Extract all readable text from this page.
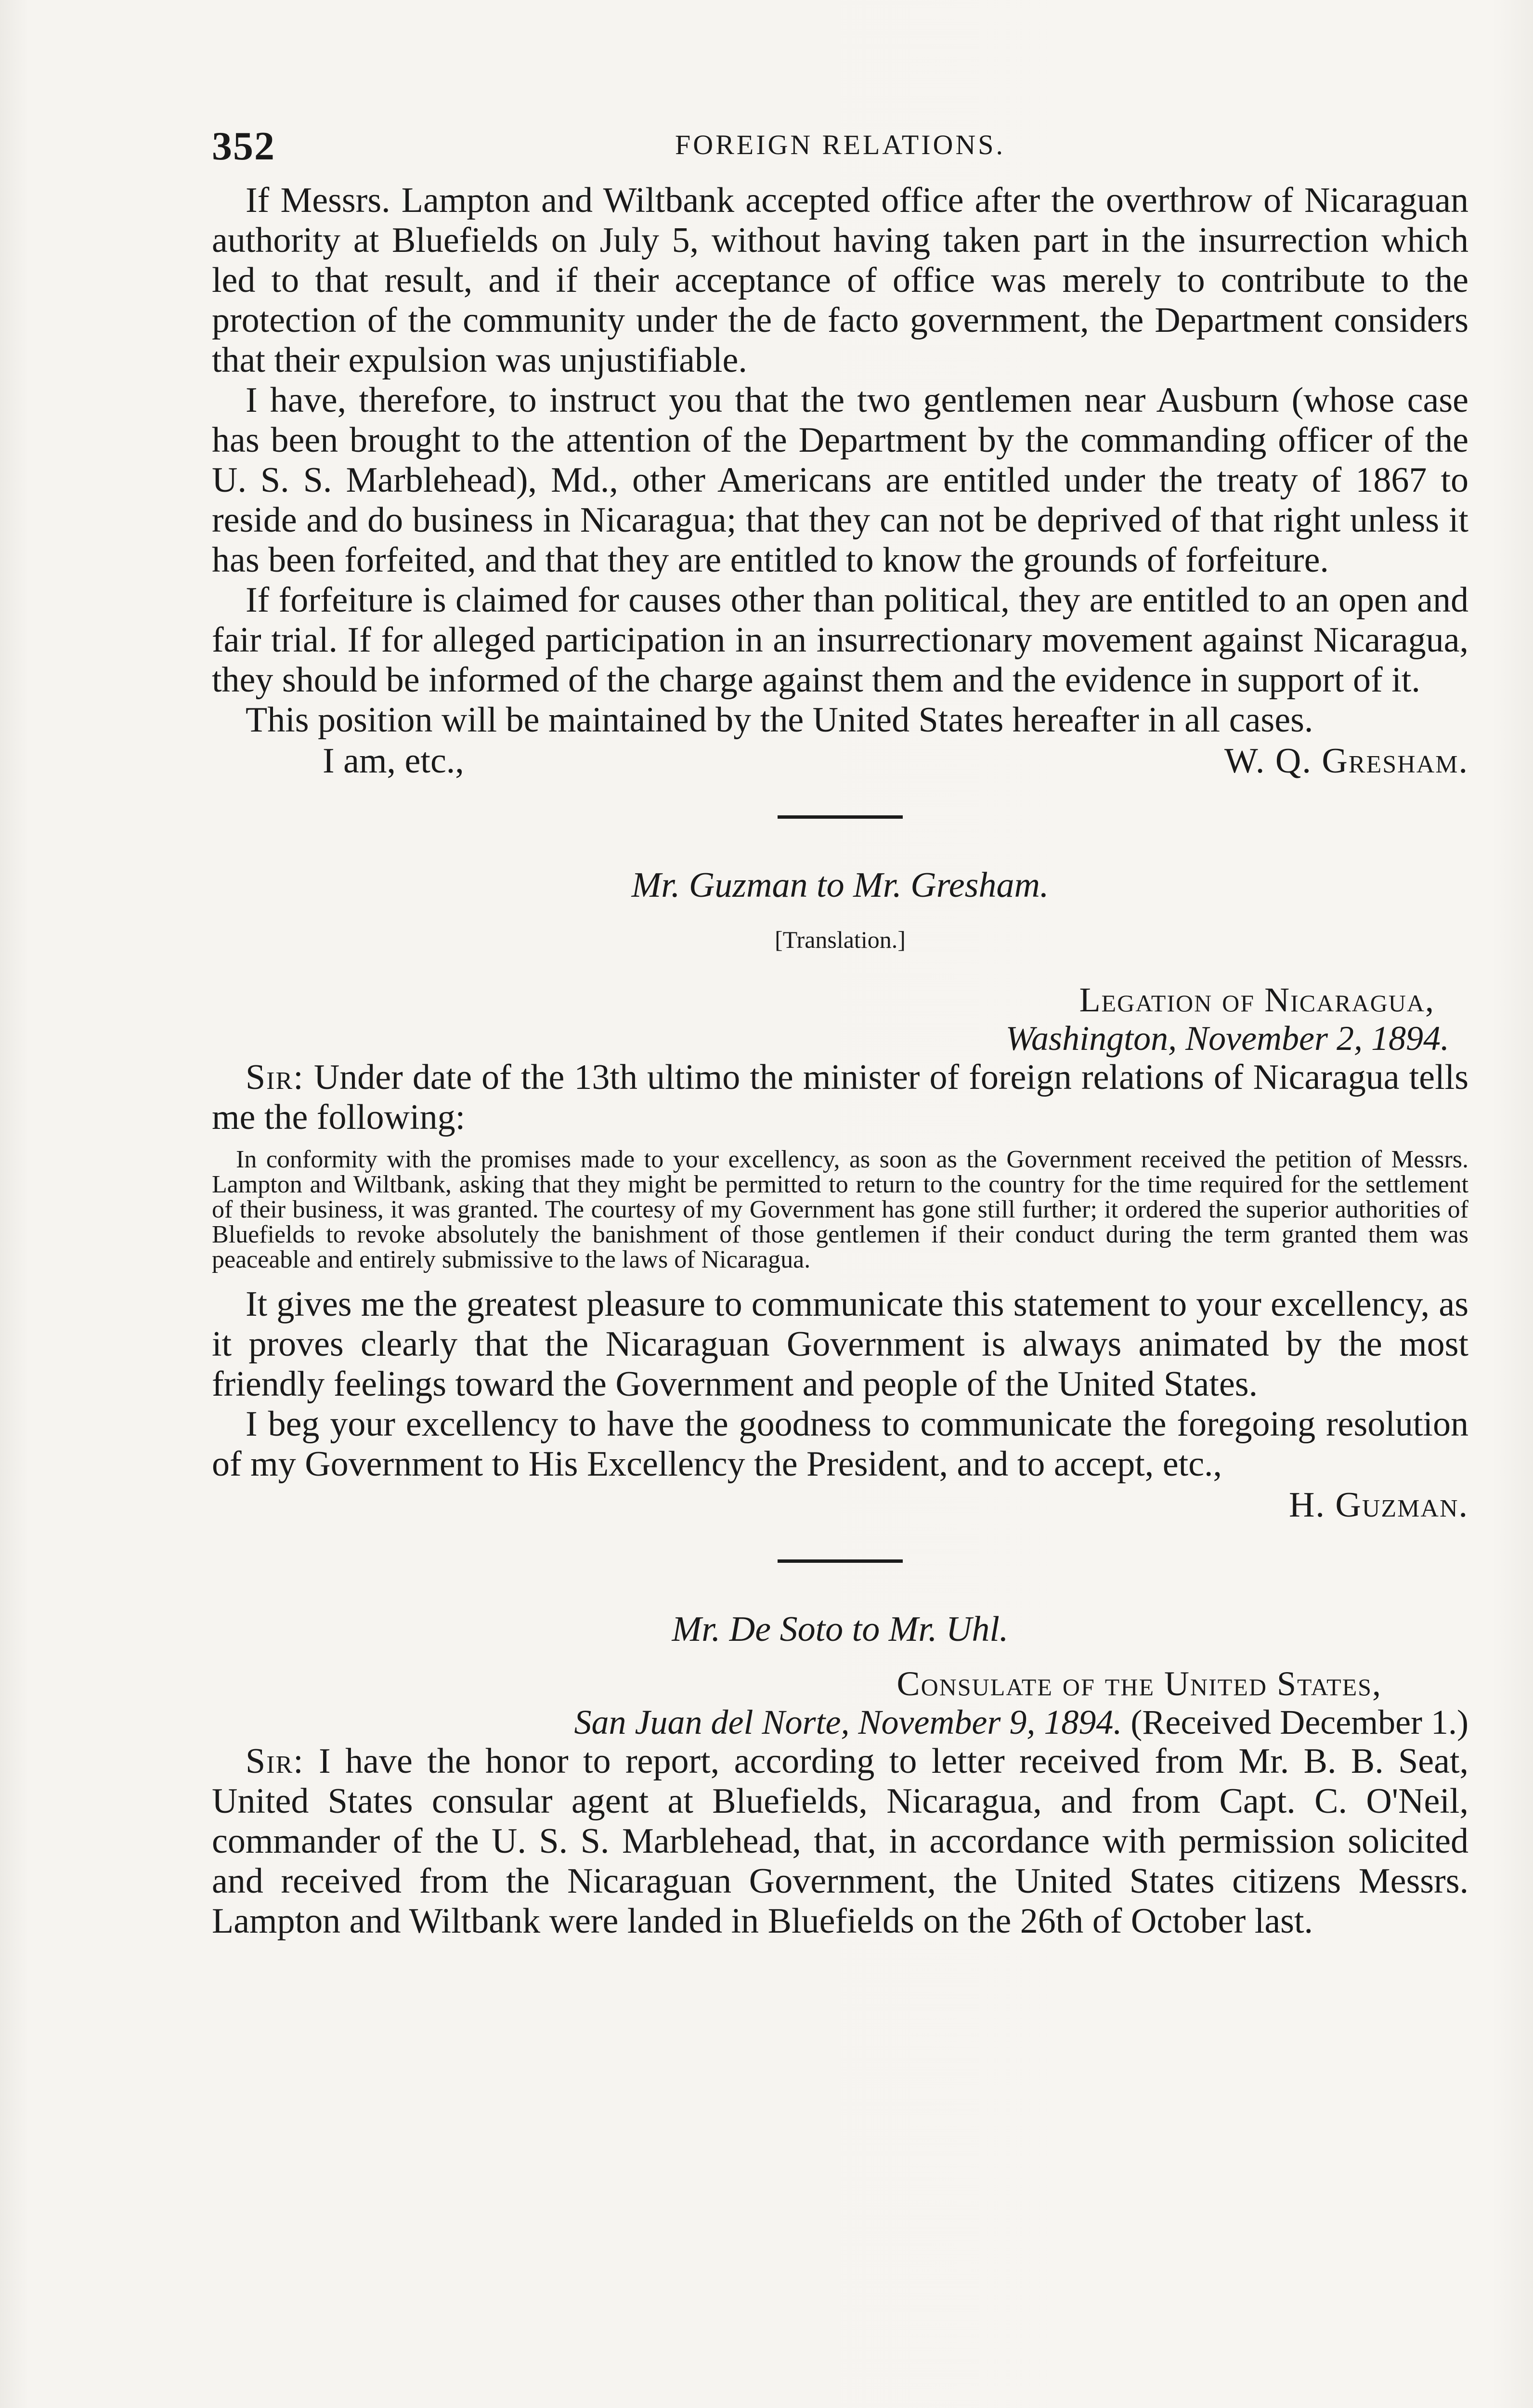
352	FOREIGN RELATIONS.

If Messrs. Lampton and Wiltbank accepted office after the overthrow of Nicaraguan authority at Bluefields on July 5, without having taken part in the insurrection which led to that result, and if their acceptance of office was merely to contribute to the protection of the community under the de facto government, the Department considers that their expulsion was unjustifiable.

I have, therefore, to instruct you that the two gentlemen near Ausburn (whose case has been brought to the attention of the Department by the commanding officer of the U. S. S. Marblehead), Md., other Americans are entitled under the treaty of 1867 to reside and do business in Nicaragua; that they can not be deprived of that right unless it has been forfeited, and that they are entitled to know the grounds of forfeiture.

If forfeiture is claimed for causes other than political, they are entitled to an open and fair trial. If for alleged participation in an insurrectionary movement against Nicaragua, they should be informed of the charge against them and the evidence in support of it.

This position will be maintained by the United States hereafter in all cases.

I am, etc.,	W. Q. Gresham.
Mr. Guzman to Mr. Gresham.
[Translation.]
Legation of Nicaragua,
Washington, November 2, 1894.

Sir: Under date of the 13th ultimo the minister of foreign relations of Nicaragua tells me the following:

In conformity with the promises made to your excellency, as soon as the Government received the petition of Messrs. Lampton and Wiltbank, asking that they might be permitted to return to the country for the time required for the settlement of their business, it was granted. The courtesy of my Government has gone still further; it ordered the superior authorities of Bluefields to revoke absolutely the banishment of those gentlemen if their conduct during the term granted them was peaceable and entirely submissive to the laws of Nicaragua.

It gives me the greatest pleasure to communicate this statement to your excellency, as it proves clearly that the Nicaraguan Government is always animated by the most friendly feelings toward the Government and people of the United States.

I beg your excellency to have the goodness to communicate the foregoing resolution of my Government to His Excellency the President, and to accept, etc.,

H. Guzman.
Mr. De Soto to Mr. Uhl.
Consulate of the United States,
San Juan del Norte, November 9, 1894. (Received December 1.)

Sir: I have the honor to report, according to letter received from Mr. B. B. Seat, United States consular agent at Bluefields, Nicaragua, and from Capt. C. O'Neil, commander of the U. S. S. Marblehead, that, in accordance with permission solicited and received from the Nicaraguan Government, the United States citizens Messrs. Lampton and Wiltbank were landed in Bluefields on the 26th of October last.
